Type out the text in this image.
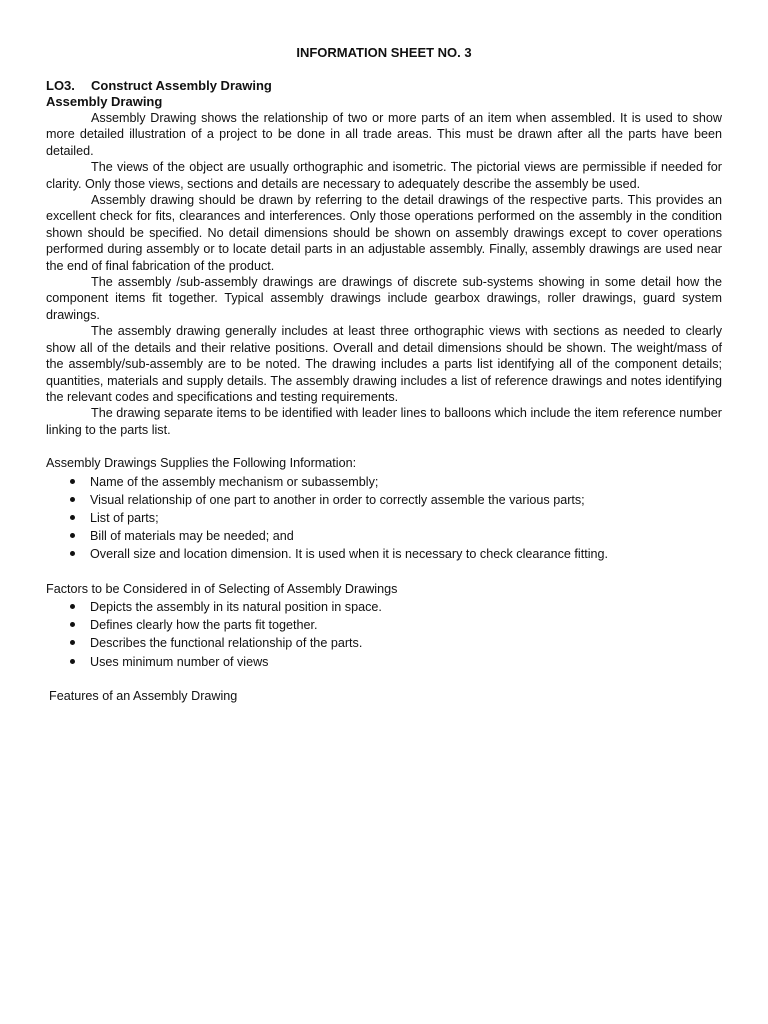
INFORMATION SHEET NO. 3

LO3. Construct Assembly Drawing

Assembly Drawing

Assembly Drawing shows the relationship of two or more parts of an item when assembled. It is used to show more detailed illustration of a project to be done in all trade areas. This must be drawn after all the parts have been detailed.

The views of the object are usually orthographic and isometric. The pictorial views are permissible if needed for clarity. Only those views, sections and details are necessary to adequately describe the assembly be used.

Assembly drawing should be drawn by referring to the detail drawings of the respective parts. This provides an excellent check for fits, clearances and interferences. Only those operations performed on the assembly in the condition shown should be specified. No detail dimensions should be shown on assembly drawings except to cover operations performed during assembly or to locate detail parts in an adjustable assembly. Finally, assembly drawings are used near the end of final fabrication of the product.

The assembly /sub-assembly drawings are drawings of discrete sub-systems showing in some detail how the component items fit together. Typical assembly drawings include gearbox drawings, roller drawings, guard system drawings.

The assembly drawing generally includes at least three orthographic views with sections as needed to clearly show all of the details and their relative positions. Overall and detail dimensions should be shown. The weight/mass of the assembly/sub-assembly are to be noted. The drawing includes a parts list identifying all of the component details; quantities, materials and supply details. The assembly drawing includes a list of reference drawings and notes identifying the relevant codes and specifications and testing requirements.

The drawing separate items to be identified with leader lines to balloons which include the item reference number linking to the parts list.

Assembly Drawings Supplies the Following Information:

Name of the assembly mechanism or subassembly;
Visual relationship of one part to another in order to correctly assemble the various parts;
List of parts;
Bill of materials may be needed; and
Overall size and location dimension. It is used when it is necessary to check clearance fitting.

Factors to be Considered in of Selecting of Assembly Drawings

Depicts the assembly in its natural position in space.
Defines clearly how the parts fit together.
Describes the functional relationship of the parts.
Uses minimum number of views

Features of an Assembly Drawing
